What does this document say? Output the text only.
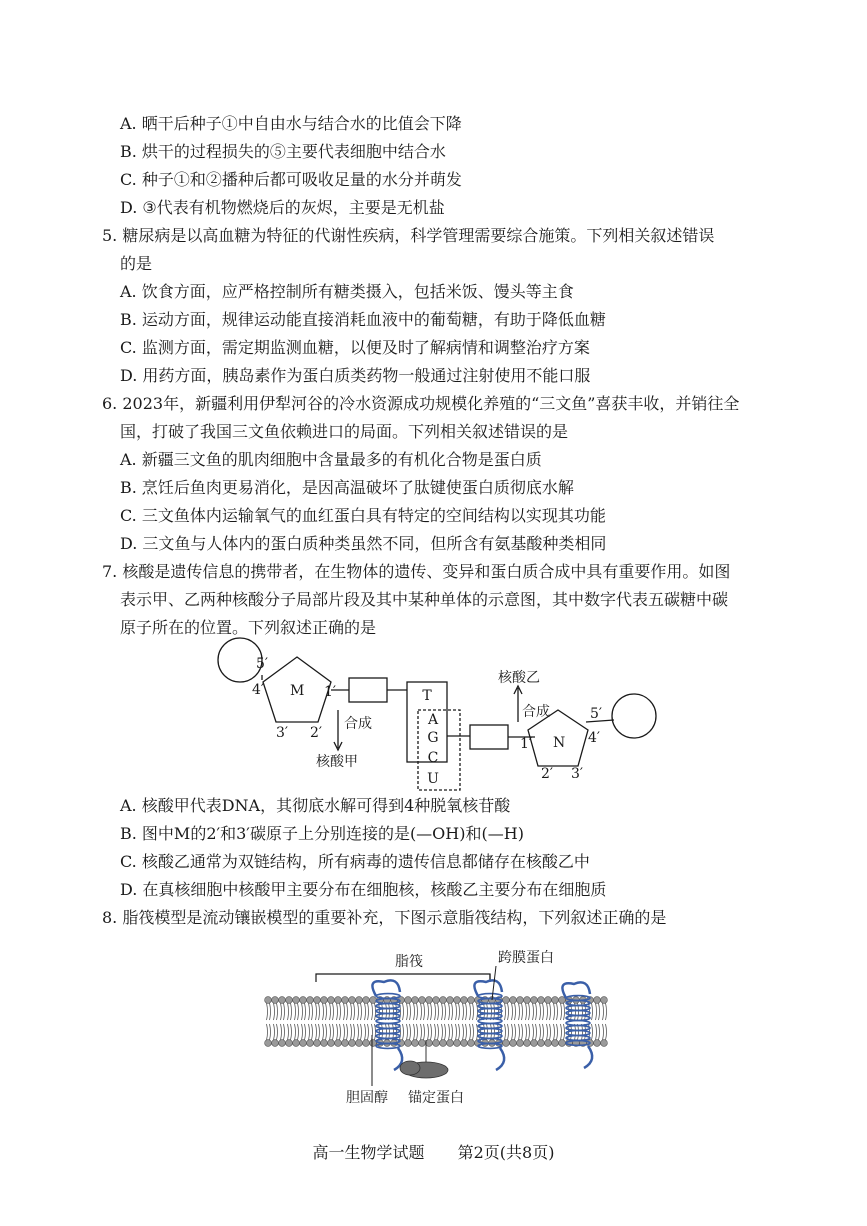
A. 晒干后种子①中自由水与结合水的比值会下降
B. 烘干的过程损失的⑤主要代表细胞中结合水
C. 种子①和②播种后都可吸收足量的水分并萌发
D. ③代表有机物燃烧后的灰烬，主要是无机盐
5. 糖尿病是以高血糖为特征的代谢性疾病，科学管理需要综合施策。下列相关叙述错误
的是
A. 饮食方面，应严格控制所有糖类摄入，包括米饭、馒头等主食
B. 运动方面，规律运动能直接消耗血液中的葡萄糖，有助于降低血糖
C. 监测方面，需定期监测血糖，以便及时了解病情和调整治疗方案
D. 用药方面，胰岛素作为蛋白质类药物一般通过注射使用不能口服
6. 2023年，新疆利用伊犁河谷的冷水资源成功规模化养殖的“三文鱼”喜获丰收，并销往全
国，打破了我国三文鱼依赖进口的局面。下列相关叙述错误的是
A. 新疆三文鱼的肌肉细胞中含量最多的有机化合物是蛋白质
B. 烹饪后鱼肉更易消化，是因高温破坏了肽键使蛋白质彻底水解
C. 三文鱼体内运输氧气的血红蛋白具有特定的空间结构以实现其功能
D. 三文鱼与人体内的蛋白质种类虽然不同，但所含有氨基酸种类相同
7. 核酸是遗传信息的携带者，在生物体的遗传、变异和蛋白质合成中具有重要作用。如图
表示甲、乙两种核酸分子局部片段及其中某种单体的示意图，其中数字代表五碳糖中碳
原子所在的位置。下列叙述正确的是
5′
4′ M 1′
3′ 2′
合成
核酸甲
T
A
G
C
U
核酸乙
合成
1′ N 4′
5′
2′ 3′
A. 核酸甲代表DNA，其彻底水解可得到4种脱氧核苷酸
B. 图中M的2′和3′碳原子上分别连接的是(—OH)和(—H)
C. 核酸乙通常为双链结构，所有病毒的遗传信息都储存在核酸乙中
D. 在真核细胞中核酸甲主要分布在细胞核，核酸乙主要分布在细胞质
8. 脂筏模型是流动镶嵌模型的重要补充，下图示意脂筏结构，下列叙述正确的是
脂筏	跨膜蛋白
胆固醇 锚定蛋白
高一生物学试题 第2页(共8页)
